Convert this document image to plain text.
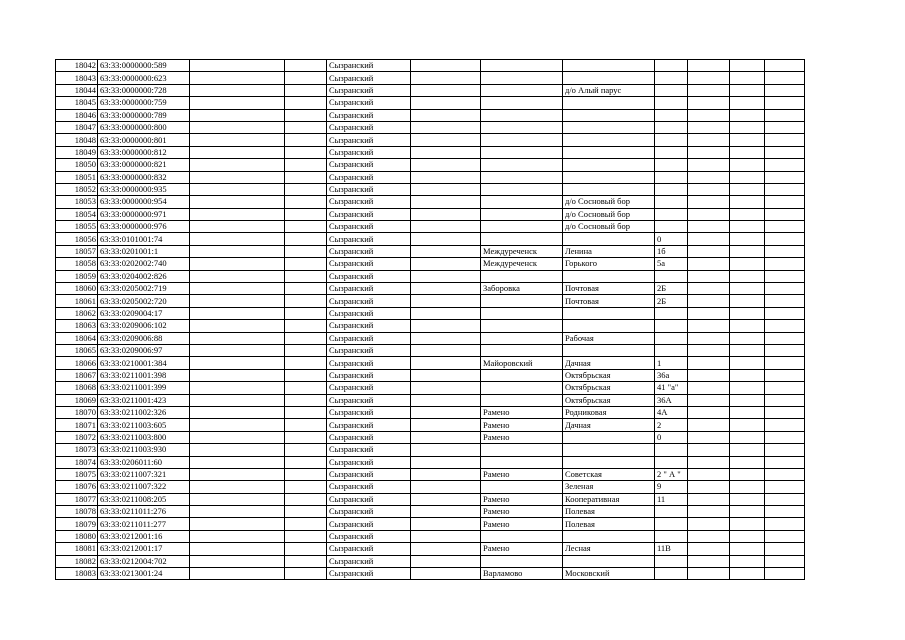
18042	63:33:0000000:589			Сызранский							
18043	63:33:0000000:623			Сызранский							
18044	63:33:0000000:728			Сызранский			д/о Алый парус				
18045	63:33:0000000:759			Сызранский							
18046	63:33:0000000:789			Сызранский							
18047	63:33:0000000:800			Сызранский							
18048	63:33:0000000:801			Сызранский							
18049	63:33:0000000:812			Сызранский							
18050	63:33:0000000:821			Сызранский							
18051	63:33:0000000:832			Сызранский							
18052	63:33:0000000:935			Сызранский							
18053	63:33:0000000:954			Сызранский			д/о Сосновый бор				
18054	63:33:0000000:971			Сызранский			д/о Сосновый бор				
18055	63:33:0000000:976			Сызранский			д/о Сосновый бор				
18056	63:33:0101001:74			Сызранский				0			
18057	63:33:0201001:1			Сызранский		Междуреченск	Ленина	1б			
18058	63:33:0202002:740			Сызранский		Междуреченск	Горького	5а			
18059	63:33:0204002:826			Сызранский							
18060	63:33:0205002:719			Сызранский		Заборовка	Почтовая	2Б			
18061	63:33:0205002:720			Сызранский			Почтовая	2Б			
18062	63:33:0209004:17			Сызранский							
18063	63:33:0209006:102			Сызранский							
18064	63:33:0209006:88			Сызранский			Рабочая				
18065	63:33:0209006:97			Сызранский							
18066	63:33:0210001:384			Сызранский		Майоровский	Дачная	1			
18067	63:33:0211001:398			Сызранский			Октябрьская	36а			
18068	63:33:0211001:399			Сызранский			Октябрьская	41 "а"			
18069	63:33:0211001:423			Сызранский			Октябрьская	36А			
18070	63:33:0211002:326			Сызранский		Рамено	Родниковая	4А			
18071	63:33:0211003:605			Сызранский		Рамено	Дачная	2			
18072	63:33:0211003:800			Сызранский		Рамено		0			
18073	63:33:0211003:930			Сызранский							
18074	63:33:0206011:60			Сызранский							
18075	63:33:0211007:321			Сызранский		Рамено	Советская	2 " А "			
18076	63:33:0211007:322			Сызранский			Зеленая	9			
18077	63:33:0211008:205			Сызранский		Рамено	Кооперативная	11			
18078	63:33:0211011:276			Сызранский		Рамено	Полевая				
18079	63:33:0211011:277			Сызранский		Рамено	Полевая				
18080	63:33:0212001:16			Сызранский							
18081	63:33:0212001:17			Сызранский		Рамено	Лесная	11В			
18082	63:33:0212004:702			Сызранский							
18083	63:33:0213001:24			Сызранский		Варламово	Московский				
